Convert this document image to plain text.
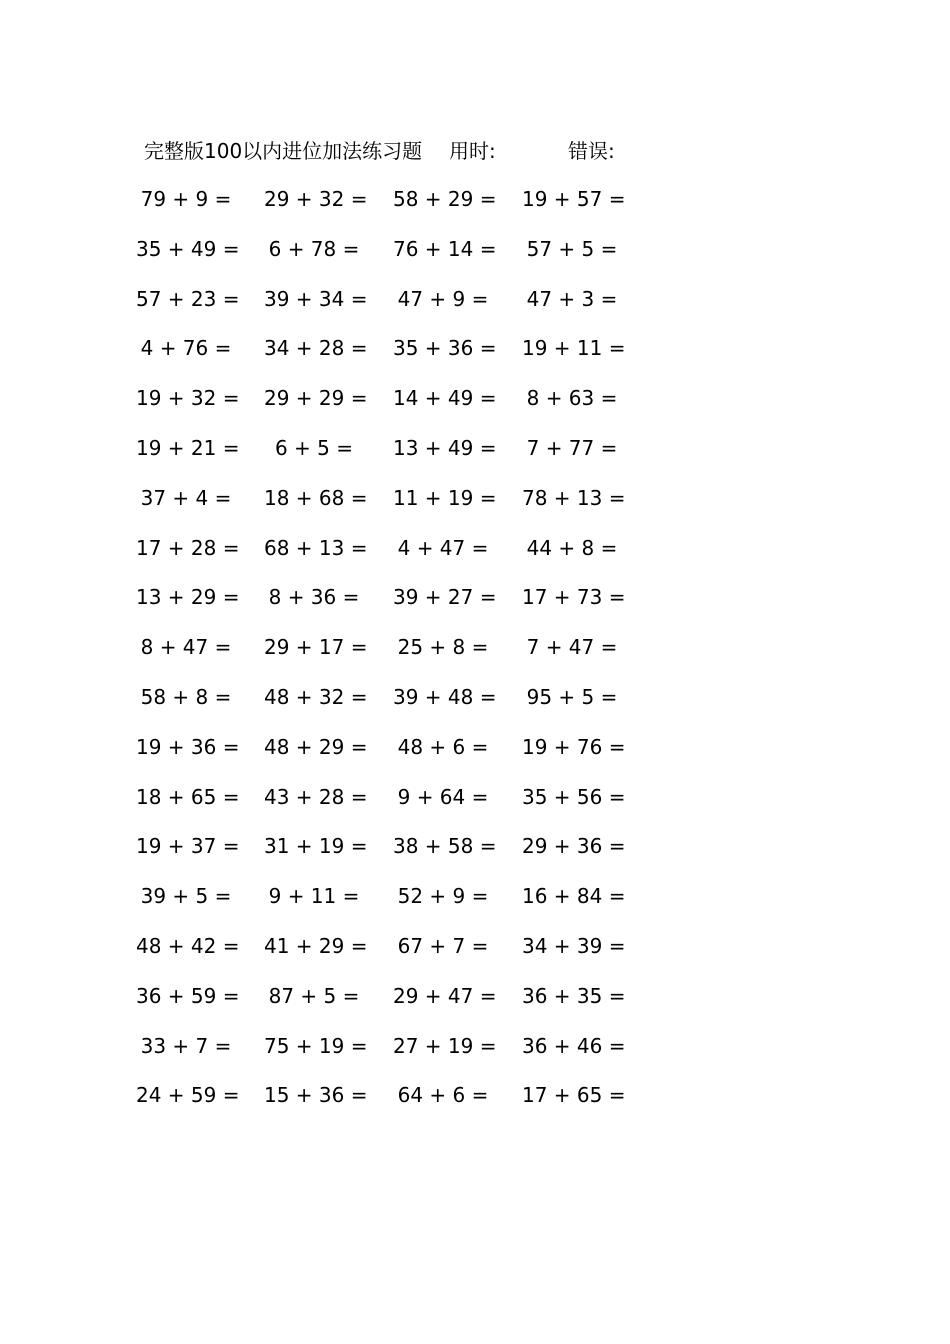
完整版100以内进位加法练习题 用时:	错误:
79 + 9 = 29 + 32 = 58 + 29 = 19 + 57 =
35 + 49 = 6 + 78 = 76 + 14 = 57 + 5 =
57 + 23 = 39 + 34 = 47 + 9 = 47 + 3 =
4 + 76 = 34 + 28 = 35 + 36 = 19 + 11 =
19 + 32 = 29 + 29 = 14 + 49 = 8 + 63 =
19 + 21 =	6 + 5 =	13 + 49 = 7 + 77 =
37 + 4 = 18 + 68 = 11 + 19 = 78 + 13 =
17 + 28 = 68 + 13 = 4 + 47 = 44 + 8 =
13 + 29 = 8 + 36 = 39 + 27 = 17 + 73 =
8 + 47 = 29 + 17 = 25 + 8 = 7 + 47 =
58 + 8 = 48 + 32 = 39 + 48 = 95 + 5 =
19 + 36 = 48 + 29 = 48 + 6 = 19 + 76 =
18 + 65 = 43 + 28 = 9 + 64 = 35 + 56 =
19 + 37 = 31 + 19 = 38 + 58 = 29 + 36 =
39 + 5 = 9 + 11 = 52 + 9 = 16 + 84 =
48 + 42 = 41 + 29 = 67 + 7 = 34 + 39 =
36 + 59 = 87 + 5 = 29 + 47 = 36 + 35 =
33 + 7 = 75 + 19 = 27 + 19 = 36 + 46 =
24 + 59 = 15 + 36 = 64 + 6 = 17 + 65 =
